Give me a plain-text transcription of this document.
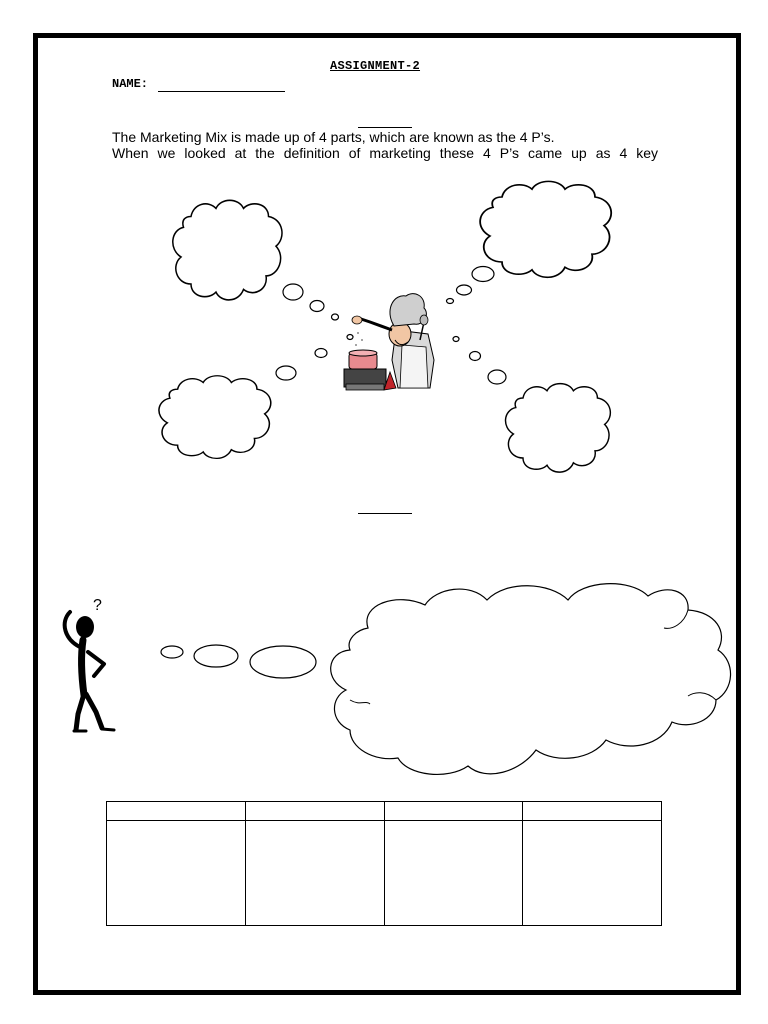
ASSIGNMENT-2
NAME:

The Marketing Mix is made up of 4 parts, which are known as the 4 P’s.

When we looked at the definition of marketing these 4 P’s came up as 4 key

?
